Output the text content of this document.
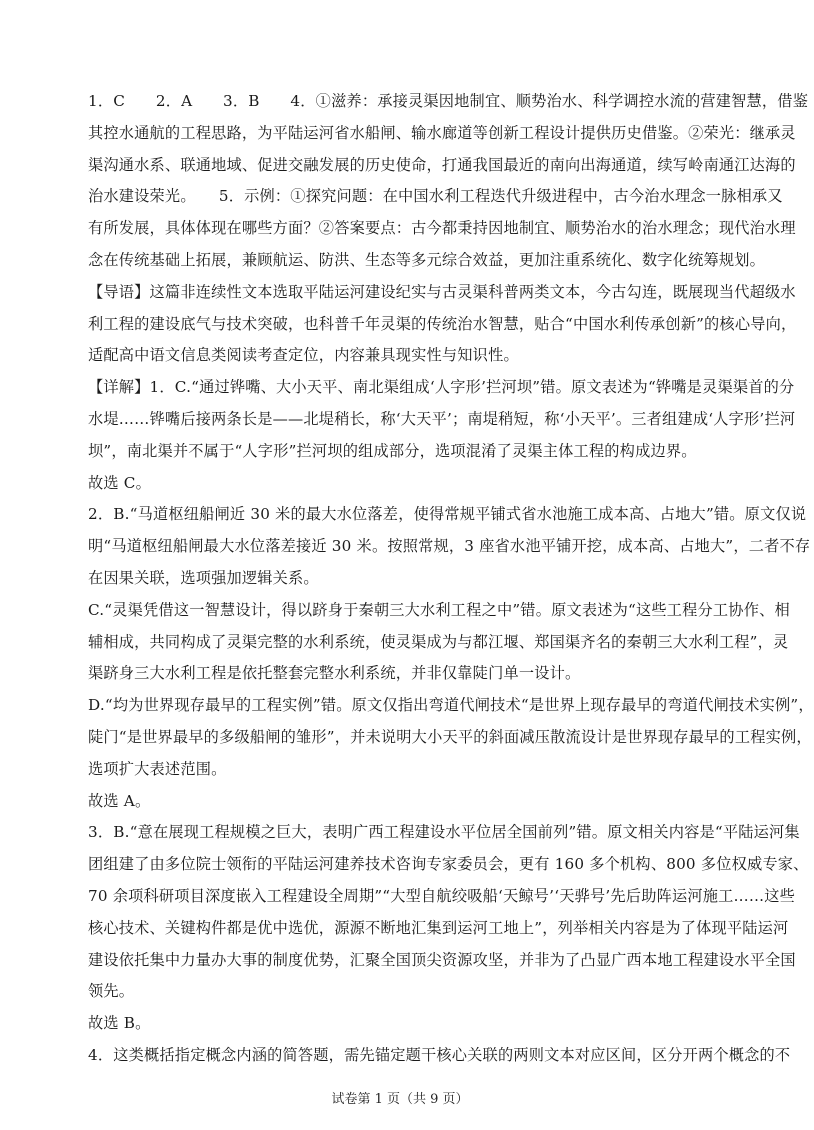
1．C　　2．A　　3．B　　4．①滋养：承接灵渠因地制宜、顺势治水、科学调控水流的营建智慧，借鉴
其控水通航的工程思路，为平陆运河省水船闸、输水廊道等创新工程设计提供历史借鉴。②荣光：继承灵
渠沟通水系、联通地域、促进交融发展的历史使命，打通我国最近的南向出海通道，续写岭南通江达海的
治水建设荣光。　　5．示例：①探究问题：在中国水利工程迭代升级进程中，古今治水理念一脉相承又
有所发展，具体体现在哪些方面？②答案要点：古今都秉持因地制宜、顺势治水的治水理念；现代治水理
念在传统基础上拓展，兼顾航运、防洪、生态等多元综合效益，更加注重系统化、数字化统筹规划。
【导语】这篇非连续性文本选取平陆运河建设纪实与古灵渠科普两类文本，今古勾连，既展现当代超级水
利工程的建设底气与技术突破，也科普千年灵渠的传统治水智慧，贴合“中国水利传承创新”的核心导向，
适配高中语文信息类阅读考查定位，内容兼具现实性与知识性。
【详解】1．C.“通过铧嘴、大小天平、南北渠组成‘人字形’拦河坝”错。原文表述为“铧嘴是灵渠渠首的分
水堤……铧嘴后接两条长是——北堤稍长，称‘大天平’；南堤稍短，称‘小天平’。三者组建成‘人字形’拦河
坝”，南北渠并不属于“人字形”拦河坝的组成部分，选项混淆了灵渠主体工程的构成边界。
故选 C。
2．B.“马道枢纽船闸近 30 米的最大水位落差，使得常规平铺式省水池施工成本高、占地大”错。原文仅说
明“马道枢纽船闸最大水位落差接近 30 米。按照常规，3 座省水池平铺开挖，成本高、占地大”，二者不存
在因果关联，选项强加逻辑关系。
C.“灵渠凭借这一智慧设计，得以跻身于秦朝三大水利工程之中”错。原文表述为“这些工程分工协作、相
辅相成，共同构成了灵渠完整的水利系统，使灵渠成为与都江堰、郑国渠齐名的秦朝三大水利工程”，灵
渠跻身三大水利工程是依托整套完整水利系统，并非仅靠陡门单一设计。
D.“均为世界现存最早的工程实例”错。原文仅指出弯道代闸技术“是世界上现存最早的弯道代闸技术实例”，
陡门“是世界最早的多级船闸的雏形”，并未说明大小天平的斜面减压散流设计是世界现存最早的工程实例，
选项扩大表述范围。
故选 A。
3．B.“意在展现工程规模之巨大，表明广西工程建设水平位居全国前列”错。原文相关内容是“平陆运河集
团组建了由多位院士领衔的平陆运河建养技术咨询专家委员会，更有 160 多个机构、800 多位权威专家、
70 余项科研项目深度嵌入工程建设全周期”“大型自航绞吸船‘天鲸号’‘天骅号’先后助阵运河施工……这些
核心技术、关键构件都是优中选优，源源不断地汇集到运河工地上”，列举相关内容是为了体现平陆运河
建设依托集中力量办大事的制度优势，汇聚全国顶尖资源攻坚，并非为了凸显广西本地工程建设水平全国
领先。
故选 B。
4．这类概括指定概念内涵的简答题，需先锚定题干核心关联的两则文本对应区间，区分开两个概念的不
试卷第 1 页（共 9 页）
